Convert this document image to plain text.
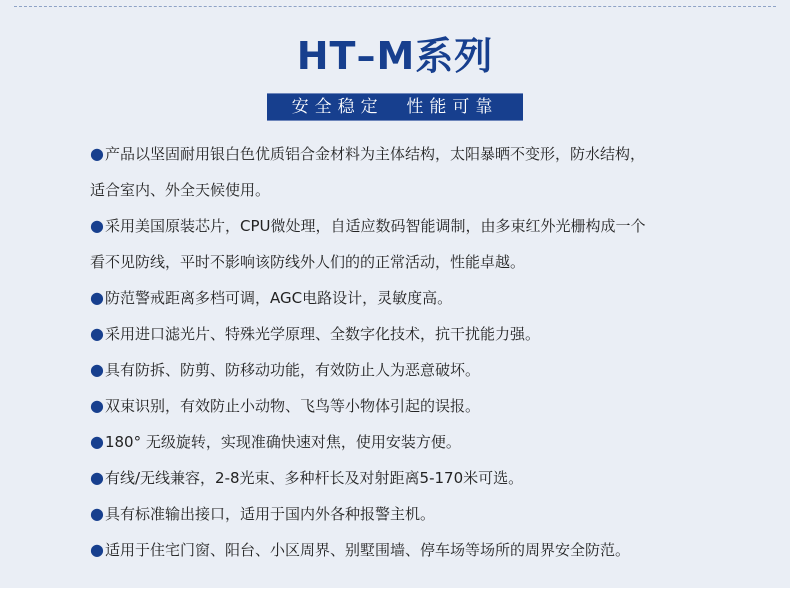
HT–M系列
安全稳定  性能可靠
●产品以坚固耐用银白色优质铝合金材料为主体结构，太阳暴晒不变形，防水结构，
适合室内、外全天候使用。
●采用美国原装芯片，CPU微处理，自适应数码智能调制，由多束红外光栅构成一个
看不见防线，平时不影响该防线外人们的的正常活动，性能卓越。
●防范警戒距离多档可调，AGC电路设计，灵敏度高。
●采用进口滤光片、特殊光学原理、全数字化技术，抗干扰能力强。
●具有防拆、防剪、防移动功能，有效防止人为恶意破坏。
●双束识别，有效防止小动物、飞鸟等小物体引起的误报。
●180° 无级旋转，实现准确快速对焦，使用安装方便。
●有线/无线兼容，2-8光束、多种杆长及对射距离5-170米可选。
●具有标准输出接口，适用于国内外各种报警主机。
●适用于住宅门窗、阳台、小区周界、别墅围墙、停车场等场所的周界安全防范。
